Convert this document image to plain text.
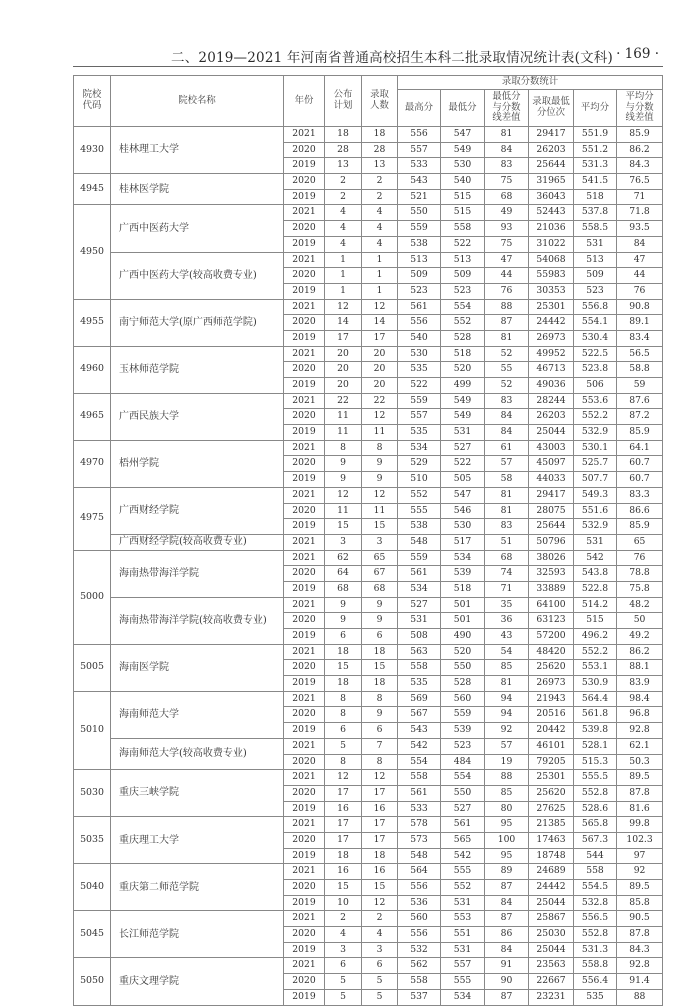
二、2019—2021 年河南省普通高校招生本科二批录取情况统计表(文科) · 169 ·
院校代码	院校名称	年份	公布计划	录取人数	录取分数统计					
					最高分	最低分	最低分与分数线差值	录取最低分位次	平均分	平均分与分数线差值
4930	桂林理工大学	2021	18	18	556	547	81	29417	551.9	85.9
		2020	28	28	557	549	84	26203	551.2	86.2
		2019	13	13	533	530	83	25644	531.3	84.3
4945	桂林医学院	2020	2	2	543	540	75	31965	541.5	76.5
		2019	2	2	521	515	68	36043	518	71
4950	广西中医药大学	2021	4	4	550	515	49	52443	537.8	71.8
		2020	4	4	559	558	93	21036	558.5	93.5
		2019	4	4	538	522	75	31022	531	84
	广西中医药大学(较高收费专业)	2021	1	1	513	513	47	54068	513	47
		2020	1	1	509	509	44	55983	509	44
		2019	1	1	523	523	76	30353	523	76
4955	南宁师范大学(原广西师范学院)	2021	12	12	561	554	88	25301	556.8	90.8
		2020	14	14	556	552	87	24442	554.1	89.1
		2019	17	17	540	528	81	26973	530.4	83.4
4960	玉林师范学院	2021	20	20	530	518	52	49952	522.5	56.5
		2020	20	20	535	520	55	46713	523.8	58.8
		2019	20	20	522	499	52	49036	506	59
4965	广西民族大学	2021	22	22	559	549	83	28244	553.6	87.6
		2020	11	12	557	549	84	26203	552.2	87.2
		2019	11	11	535	531	84	25044	532.9	85.9
4970	梧州学院	2021	8	8	534	527	61	43003	530.1	64.1
		2020	9	9	529	522	57	45097	525.7	60.7
		2019	9	9	510	505	58	44033	507.7	60.7
4975	广西财经学院	2021	12	12	552	547	81	29417	549.3	83.3
		2020	11	11	555	546	81	28075	551.6	86.6
		2019	15	15	538	530	83	25644	532.9	85.9
	广西财经学院(较高收费专业)	2021	3	3	548	517	51	50796	531	65
5000	海南热带海洋学院	2021	62	65	559	534	68	38026	542	76
		2020	64	67	561	539	74	32593	543.8	78.8
		2019	68	68	534	518	71	33889	522.8	75.8
	海南热带海洋学院(较高收费专业)	2021	9	9	527	501	35	64100	514.2	48.2
		2020	9	9	531	501	36	63123	515	50
		2019	6	6	508	490	43	57200	496.2	49.2
5005	海南医学院	2021	18	18	563	520	54	48420	552.2	86.2
		2020	15	15	558	550	85	25620	553.1	88.1
		2019	18	18	535	528	81	26973	530.9	83.9
5010	海南师范大学	2021	8	8	569	560	94	21943	564.4	98.4
		2020	8	9	567	559	94	20516	561.8	96.8
		2019	6	6	543	539	92	20442	539.8	92.8
	海南师范大学(较高收费专业)	2021	5	7	542	523	57	46101	528.1	62.1
		2020	8	8	554	484	19	79205	515.3	50.3
5030	重庆三峡学院	2021	12	12	558	554	88	25301	555.5	89.5
		2020	17	17	561	550	85	25620	552.8	87.8
		2019	16	16	533	527	80	27625	528.6	81.6
5035	重庆理工大学	2021	17	17	578	561	95	21385	565.8	99.8
		2020	17	17	573	565	100	17463	567.3	102.3
		2019	18	18	548	542	95	18748	544	97
5040	重庆第二师范学院	2021	16	16	564	555	89	24689	558	92
		2020	15	15	556	552	87	24442	554.5	89.5
		2019	10	12	536	531	84	25044	532.8	85.8
5045	长江师范学院	2021	2	2	560	553	87	25867	556.5	90.5
		2020	4	4	556	551	86	25030	552.8	87.8
		2019	3	3	532	531	84	25044	531.3	84.3
5050	重庆文理学院	2021	6	6	562	557	91	23563	558.8	92.8
		2020	5	5	558	555	90	22667	556.4	91.4
		2019	5	5	537	534	87	23231	535	88
